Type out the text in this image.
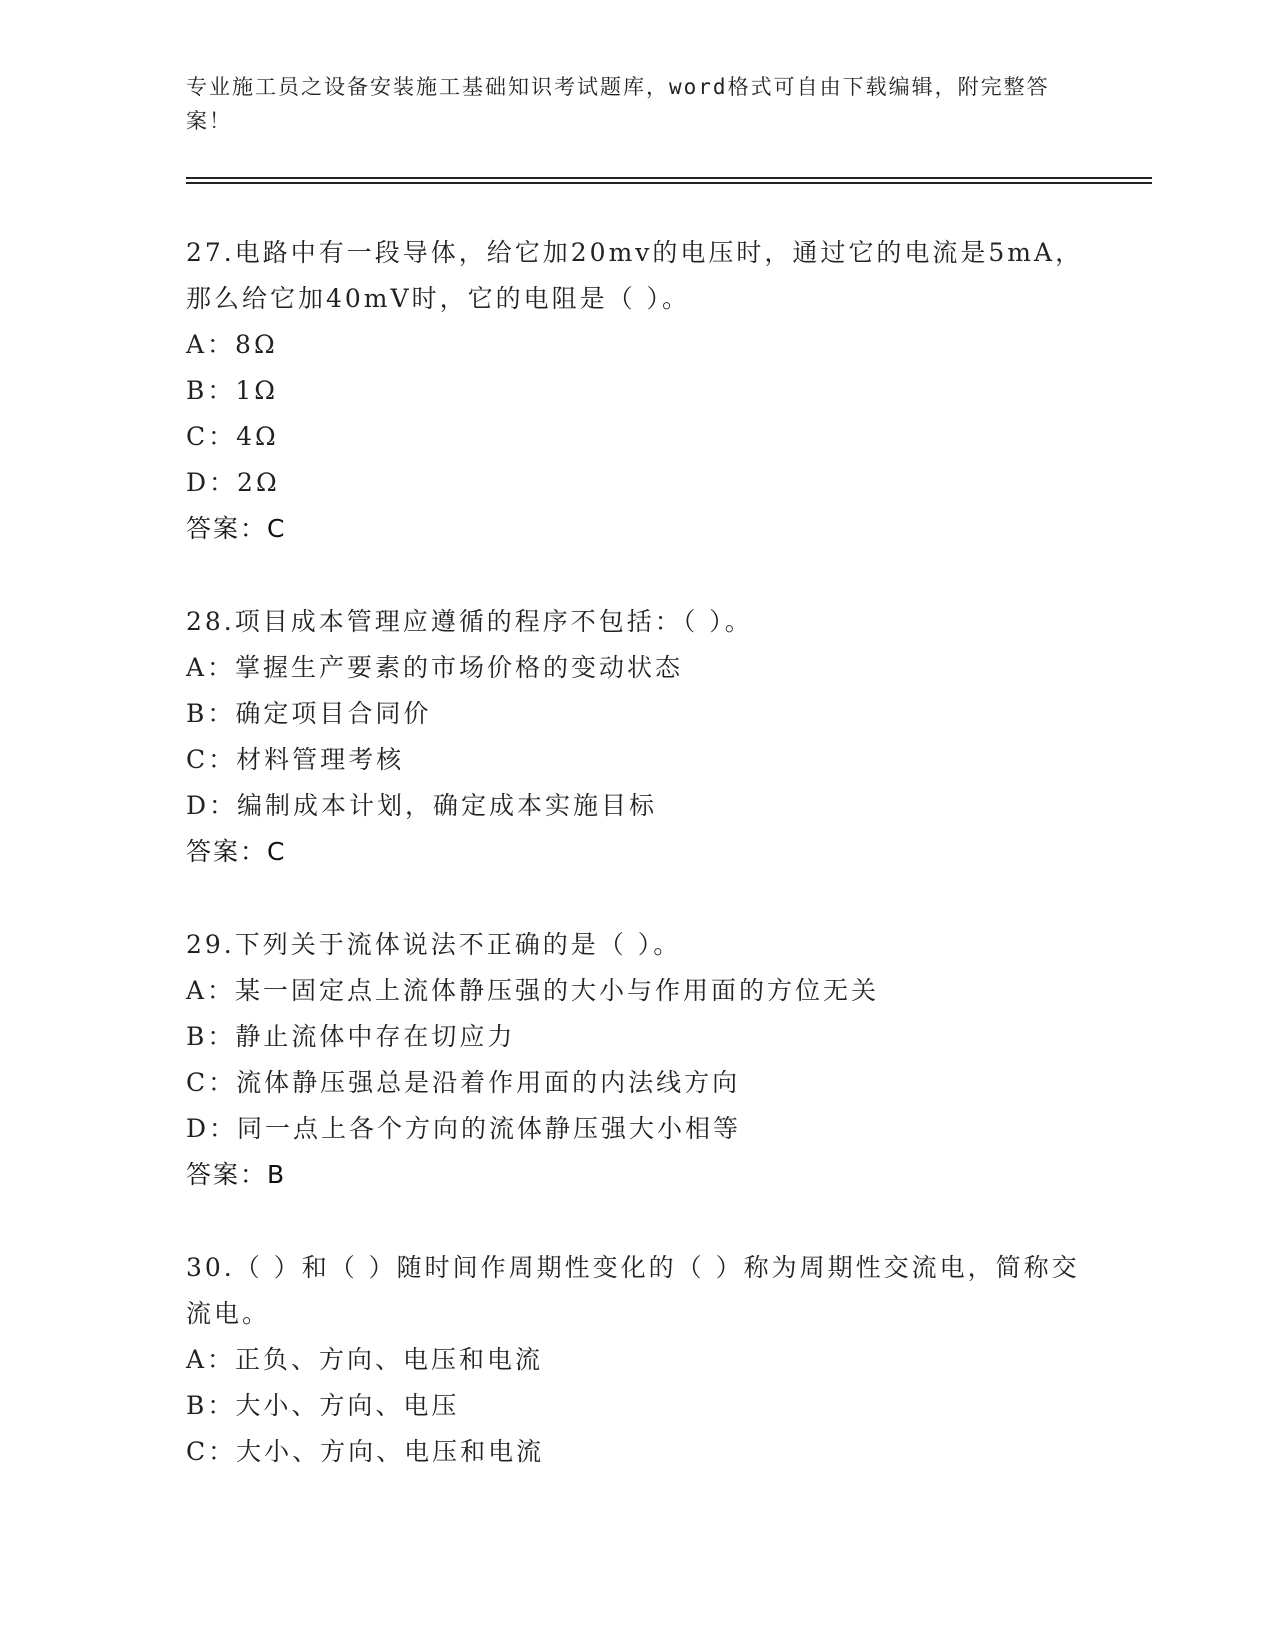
专业施工员之设备安装施工基础知识考试题库，word格式可自由下载编辑，附完整答案！
27.电路中有一段导体，给它加20mv的电压时，通过它的电流是5mA，那么给它加40mV时，它的电阻是（ ）。
A：8Ω
B：1Ω
C：4Ω
D：2Ω
答案：C
28.项目成本管理应遵循的程序不包括：（ ）。
A：掌握生产要素的市场价格的变动状态
B：确定项目合同价
C：材料管理考核
D：编制成本计划，确定成本实施目标
答案：C
29.下列关于流体说法不正确的是（ ）。
A：某一固定点上流体静压强的大小与作用面的方位无关
B：静止流体中存在切应力
C：流体静压强总是沿着作用面的内法线方向
D：同一点上各个方向的流体静压强大小相等
答案：B
30.（ ）和（ ）随时间作周期性变化的（ ）称为周期性交流电，简称交流电。
A：正负、方向、电压和电流
B：大小、方向、电压
C：大小、方向、电压和电流
